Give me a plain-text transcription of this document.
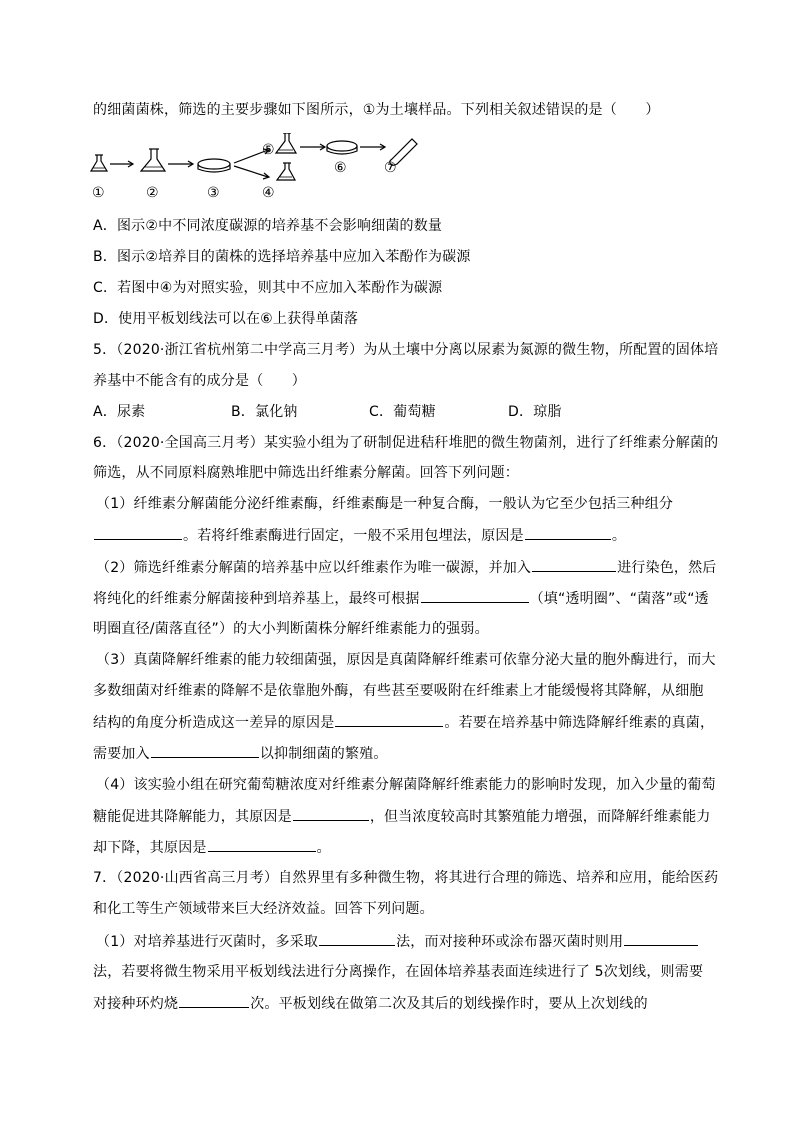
的细菌菌株，筛选的主要步骤如下图所示，①为土壤样品。下列相关叙述错误的是（　　）
①	②	③	④
⑤
⑥	⑦
A．图示②中不同浓度碳源的培养基不会影响细菌的数量
B．图示②培养目的菌株的选择培养基中应加入苯酚作为碳源
C．若图中④为对照实验，则其中不应加入苯酚作为碳源
D．使用平板划线法可以在⑥上获得单菌落
5．（2020·浙江省杭州第二中学高三月考）为从土壤中分离以尿素为氮源的微生物，所配置的固体培
养基中不能含有的成分是（　　）
A．尿素	B．氯化钠	C．葡萄糖	D．琼脂
6．（2020·全国高三月考）某实验小组为了研制促进秸秆堆肥的微生物菌剂，进行了纤维素分解菌的
筛选，从不同原料腐熟堆肥中筛选出纤维素分解菌。回答下列问题：
（1）纤维素分解菌能分泌纤维素酶，纤维素酶是一种复合酶，一般认为它至少包括三种组分
。若将纤维素酶进行固定，一般不采用包埋法，原因是	。
（2）筛选纤维素分解菌的培养基中应以纤维素作为唯一碳源，并加入	进行染色，然后
将纯化的纤维素分解菌接种到培养基上，最终可根据	（填“透明圈”、“菌落”或“透
明圈直径/菌落直径”）的大小判断菌株分解纤维素能力的强弱。
（3）真菌降解纤维素的能力较细菌强，原因是真菌降解纤维素可依靠分泌大量的胞外酶进行，而大
多数细菌对纤维素的降解不是依靠胞外酶，有些甚至要吸附在纤维素上才能缓慢将其降解，从细胞
结构的角度分析造成这一差异的原因是	。若要在培养基中筛选降解纤维素的真菌，
需要加入	以抑制细菌的繁殖。
（4）该实验小组在研究葡萄糖浓度对纤维素分解菌降解纤维素能力的影响时发现，加入少量的葡萄
糖能促进其降解能力，其原因是	，但当浓度较高时其繁殖能力增强，而降解纤维素能力
却下降，其原因是	。
7．（2020·山西省高三月考）自然界里有多种微生物，将其进行合理的筛选、培养和应用，能给医药
和化工等生产领域带来巨大经济效益。回答下列问题。
（1）对培养基进行灭菌时，多采取	法，而对接种环或涂布器灭菌时则用
法，若要将微生物采用平板划线法进行分离操作，在固体培养基表面连续进行了 5次划线，则需要
对接种环灼烧	次。平板划线在做第二次及其后的划线操作时，要从上次划线的
